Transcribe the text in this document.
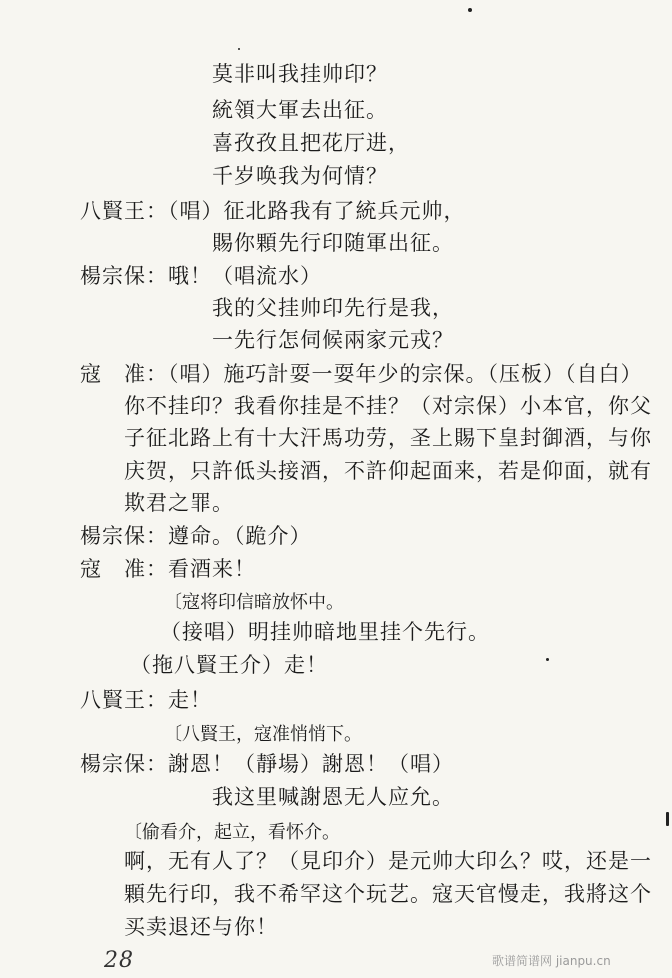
莫非叫我挂帅印？
統領大軍去出征。
喜孜孜且把花厅进，
千岁唤我为何情？
八賢王：（唱）征北路我有了統兵元帅，
賜你顆先行印随軍出征。
楊宗保：哦！（唱流水）
我的父挂帅印先行是我，
一先行怎伺候兩家元戎？
寇　准：（唱）施巧計耍一耍年少的宗保。（压板）（自白）
你不挂印？我看你挂是不挂？（对宗保）小本官，你父
子征北路上有十大汗馬功劳，圣上賜下皇封御酒，与你
庆贺，只許低头接酒，不許仰起面来，若是仰面，就有
欺君之罪。
楊宗保：遵命。（跪介）
寇　准：看酒来！
〔寇将印信暗放怀中。
（接唱）明挂帅暗地里挂个先行。
（拖八賢王介）走！
八賢王：走！
〔八賢王，寇准悄悄下。
楊宗保：謝恩！（靜場）謝恩！（唱）
我这里喊謝恩无人应允。
〔偷看介，起立，看怀介。
啊，无有人了？（見印介）是元帅大印么？哎，还是一
顆先行印，我不希罕这个玩艺。寇天官慢走，我將这个
买卖退还与你！
28	歌谱简谱网 jianpu.cn
